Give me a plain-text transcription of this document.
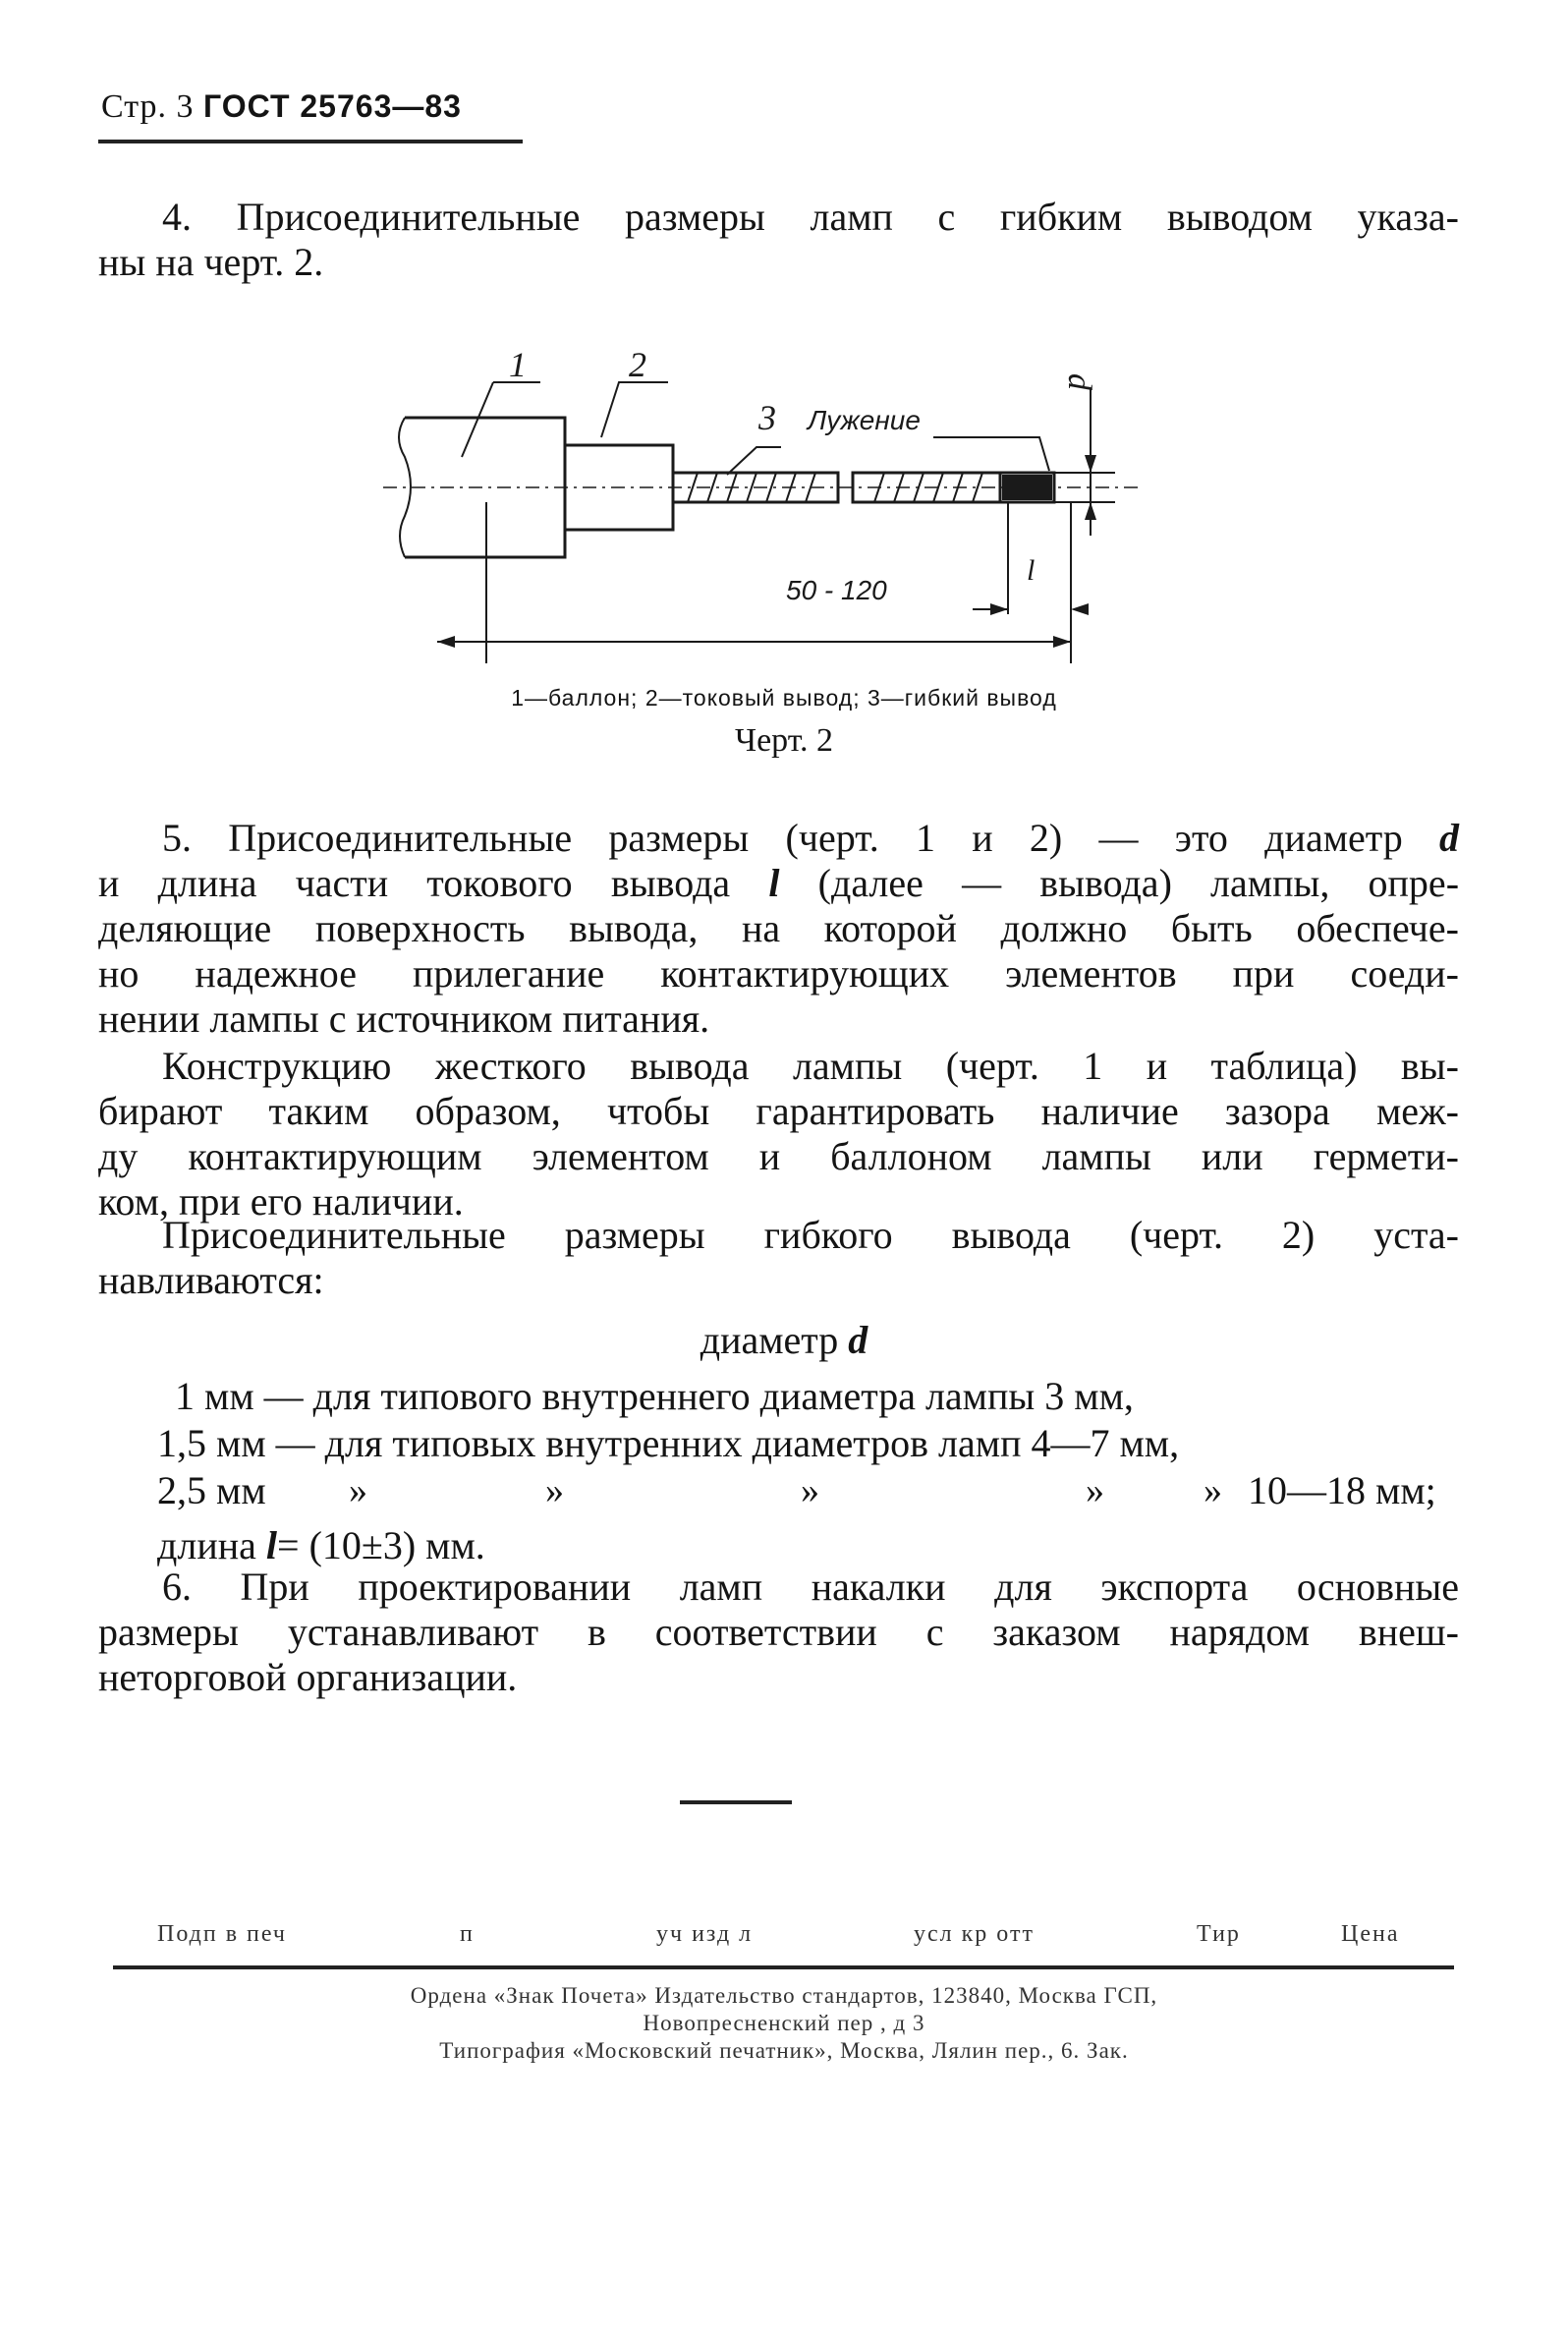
Стр. 3 ГОСТ 25763—83
4. Присоединительные размеры ламп с гибким выводом указа-
ны на черт. 2.
1	2
3 Лужение
d
l
50 - 120
1—баллон; 2—токовый вывод; 3—гибкий вывод
Черт. 2
5. Присоединительные размеры (черт. 1 и 2) — это диаметр d
и длина части токового вывода l (далее — вывода) лампы, опре-
деляющие поверхность вывода, на которой должно быть обеспече-
но надежное прилегание контактирующих элементов при соеди-
нении лампы с источником питания.
Конструкцию жесткого вывода лампы (черт. 1 и таблица) вы-
бирают таким образом, чтобы гарантировать наличие зазора меж-
ду контактирующим элементом и баллоном лампы или гермети-
ком, при его наличии.
Присоединительные размеры гибкого вывода (черт. 2) уста-
навливаются:
диаметр d
1 мм — для типового внутреннего диаметра лампы 3 мм,
1,5 мм — для типовых внутренних диаметров ламп 4—7 мм,
2,5 мм »	»	»	»	» 10—18 мм;
длина l= (10±3) мм.
6. При проектировании ламп накалки для экспорта основные
размеры устанавливают в соответствии с заказом нарядом внеш-
неторговой организации.
Подп в печ	п	уч изд л	усл кр отт	Тир	Цена
Ордена «Знак Почета» Издательство стандартов, 123840, Москва ГСП,
Новопресненский пер , д 3
Типография «Московский печатник», Москва, Лялин пер., 6. Зак.
